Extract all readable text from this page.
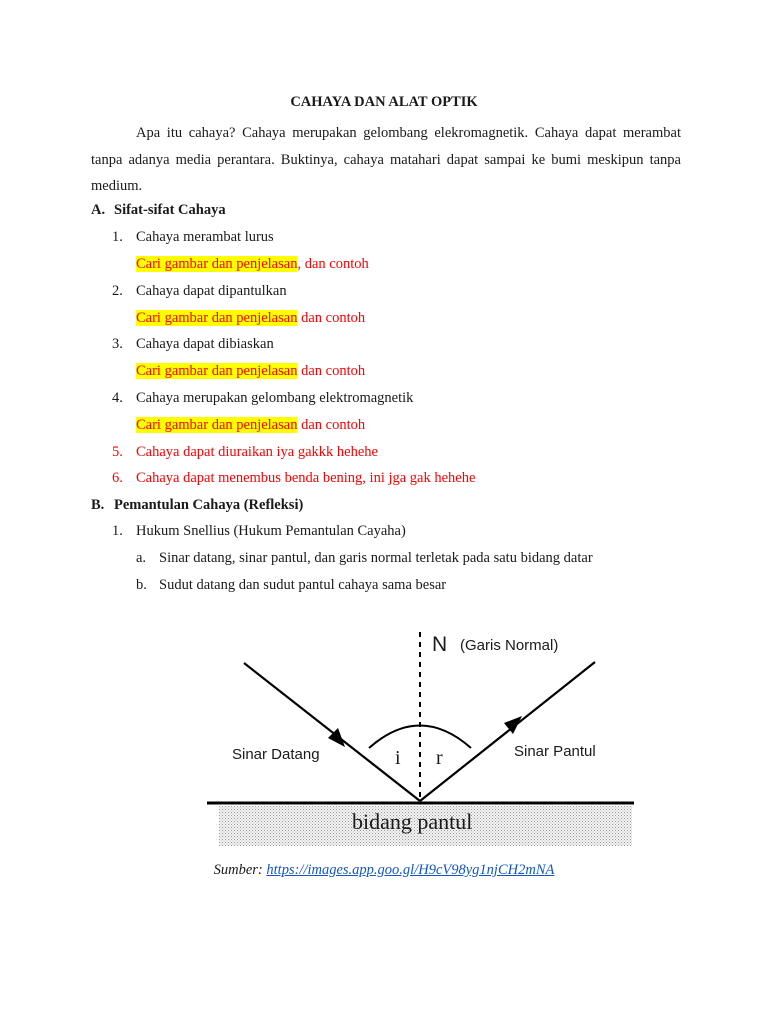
CAHAYA DAN ALAT OPTIK

Apa itu cahaya? Cahaya merupakan gelombang elekromagnetik. Cahaya dapat merambat tanpa adanya media perantara. Buktinya, cahaya matahari dapat sampai ke bumi meskipun tanpa medium.

A. Sifat-sifat Cahaya
1. Cahaya merambat lurus
Cari gambar dan penjelasan, dan contoh
2. Cahaya dapat dipantulkan
Cari gambar dan penjelasan dan contoh
3. Cahaya dapat dibiaskan
Cari gambar dan penjelasan dan contoh
4. Cahaya merupakan gelombang elektromagnetik
Cari gambar dan penjelasan dan contoh
5. Cahaya dapat diuraikan iya gakkk hehehe
6. Cahaya dapat menembus benda bening, ini jga gak hehehe
B. Pemantulan Cahaya (Refleksi)
1. Hukum Snellius (Hukum Pemantulan Cayaha)
a. Sinar datang, sinar pantul, dan garis normal terletak pada satu bidang datar
b. Sudut datang dan sudut pantul cahaya sama besar
N (Garis Normal)
Sinar Datang	Sinar Pantul
i r
bidang pantul
Sumber: https://images.app.goo.gl/H9cV98yg1njCH2mNA
